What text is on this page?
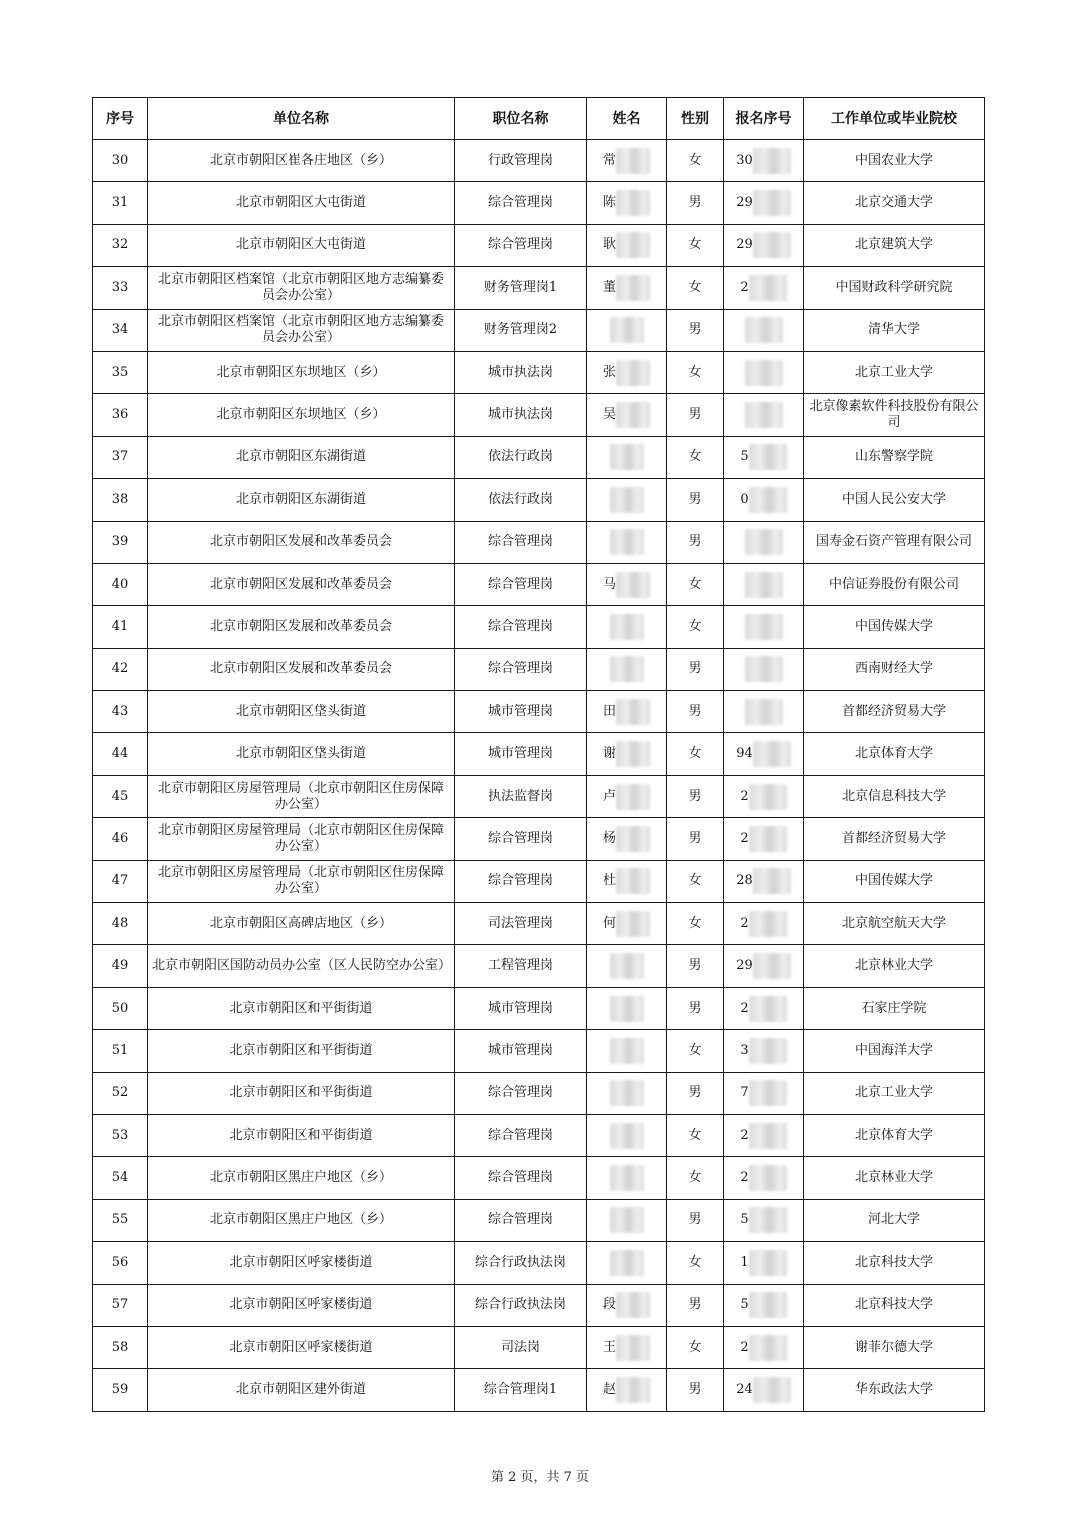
序号	单位名称	职位名称	姓名	性别	报名序号	工作单位或毕业院校
30	北京市朝阳区崔各庄地区（乡）	行政管理岗	常	女	30	中国农业大学
31	北京市朝阳区大屯街道	综合管理岗	陈	男	29	北京交通大学
32	北京市朝阳区大屯街道	综合管理岗	耿	女	29	北京建筑大学
33	北京市朝阳区档案馆（北京市朝阳区地方志编纂委员会办公室）	财务管理岗1	董	女	2	中国财政科学研究院
34	北京市朝阳区档案馆（北京市朝阳区地方志编纂委员会办公室）	财务管理岗2		男		清华大学
35	北京市朝阳区东坝地区（乡）	城市执法岗	张	女		北京工业大学
36	北京市朝阳区东坝地区（乡）	城市执法岗	吴	男		北京像素软件科技股份有限公司
37	北京市朝阳区东湖街道	依法行政岗		女	5	山东警察学院
38	北京市朝阳区东湖街道	依法行政岗		男	0	中国人民公安大学
39	北京市朝阳区发展和改革委员会	综合管理岗		男		国寿金石资产管理有限公司
40	北京市朝阳区发展和改革委员会	综合管理岗	马	女		中信证券股份有限公司
41	北京市朝阳区发展和改革委员会	综合管理岗		女		中国传媒大学
42	北京市朝阳区发展和改革委员会	综合管理岗		男		西南财经大学
43	北京市朝阳区垡头街道	城市管理岗	田	男		首都经济贸易大学
44	北京市朝阳区垡头街道	城市管理岗	谢	女	94	北京体育大学
45	北京市朝阳区房屋管理局（北京市朝阳区住房保障办公室）	执法监督岗	卢	男	2	北京信息科技大学
46	北京市朝阳区房屋管理局（北京市朝阳区住房保障办公室）	综合管理岗	杨	男	2	首都经济贸易大学
47	北京市朝阳区房屋管理局（北京市朝阳区住房保障办公室）	综合管理岗	杜	女	28	中国传媒大学
48	北京市朝阳区高碑店地区（乡）	司法管理岗	何	女	2	北京航空航天大学
49	北京市朝阳区国防动员办公室（区人民防空办公室）	工程管理岗		男	29	北京林业大学
50	北京市朝阳区和平街街道	城市管理岗		男	2	石家庄学院
51	北京市朝阳区和平街街道	城市管理岗		女	3	中国海洋大学
52	北京市朝阳区和平街街道	综合管理岗		男	7	北京工业大学
53	北京市朝阳区和平街街道	综合管理岗		女	2	北京体育大学
54	北京市朝阳区黑庄户地区（乡）	综合管理岗		女	2	北京林业大学
55	北京市朝阳区黑庄户地区（乡）	综合管理岗		男	5	河北大学
56	北京市朝阳区呼家楼街道	综合行政执法岗		女	1	北京科技大学
57	北京市朝阳区呼家楼街道	综合行政执法岗	段	男	5	北京科技大学
58	北京市朝阳区呼家楼街道	司法岗	王	女	2	谢菲尔德大学
59	北京市朝阳区建外街道	综合管理岗1	赵	男	24	华东政法大学
第 2 页，共 7 页
